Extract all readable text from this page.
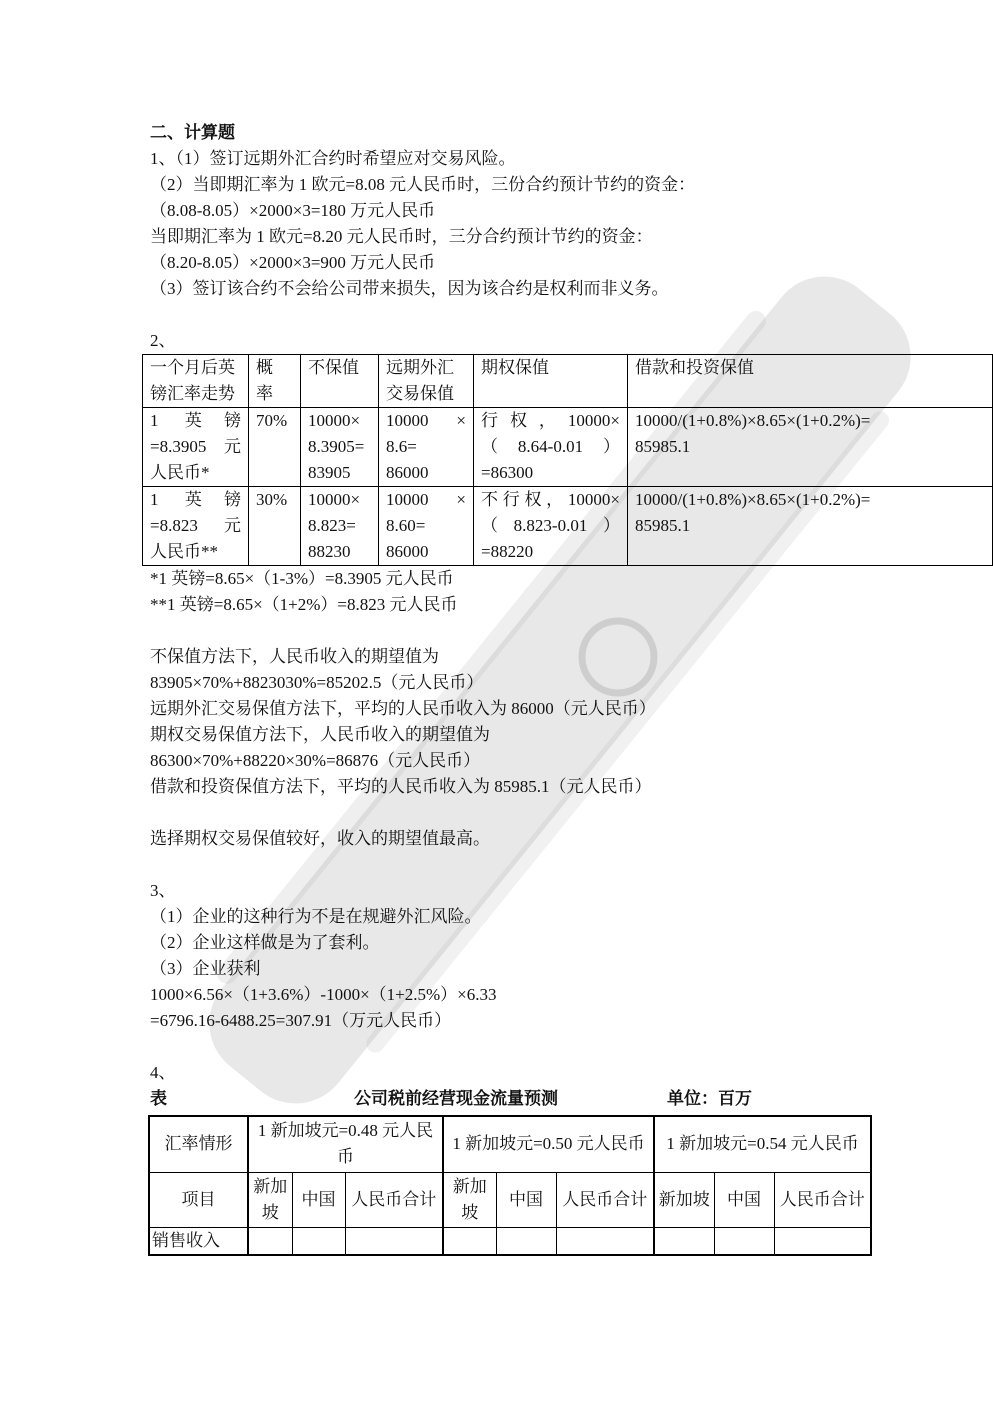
二、计算题
1、（1）签订远期外汇合约时希望应对交易风险。
（2）当即期汇率为 1 欧元=8.08 元人民币时，三份合约预计节约的资金：
（8.08-8.05）×2000×3=180 万元人民币
当即期汇率为 1 欧元=8.20 元人民币时，三分合约预计节约的资金：
（8.20-8.05）×2000×3=900 万元人民币
（3）签订该合约不会给公司带来损失，因为该合约是权利而非义务。
2、
一个月后英
镑汇率走势	概
率	不保值	远期外汇
交易保值	期权保值	借款和投资保值

1 英镑
=8.3905 元
人民币*	70%	10000×
8.3905=
83905	10000 ×
8.6=
86000	行权，10000×
（8.64-0.01）
=86300	10000/(1+0.8%)×8.65×(1+0.2%)=
85985.1

1 英镑
=8.823 元
人民币**	30%	10000×
8.823=
88230	10000 ×
8.60=
86000	不行权，10000×
（8.823-0.01）
=88220	10000/(1+0.8%)×8.65×(1+0.2%)=
85985.1
*1 英镑=8.65×（1-3%）=8.3905 元人民币
**1 英镑=8.65×（1+2%）=8.823 元人民币
不保值方法下，人民币收入的期望值为
83905×70%+8823030%=85202.5（元人民币）
远期外汇交易保值方法下，平均的人民币收入为 86000（元人民币）
期权交易保值方法下，人民币收入的期望值为
86300×70%+88220×30%=86876（元人民币）
借款和投资保值方法下，平均的人民币收入为 85985.1（元人民币）
选择期权交易保值较好，收入的期望值最高。
3、
（1）企业的这种行为不是在规避外汇风险。
（2）企业这样做是为了套利。
（3）企业获利
1000×6.56×（1+3.6%）-1000×（1+2.5%）×6.33
=6796.16-6488.25=307.91（万元人民币）
4、
表	公司税前经营现金流量预测	单位：百万
汇率情形	1 新加坡元=0.48 元人民币			1 新加坡元=0.50 元人民币			1 新加坡元=0.54 元人民币		
项目	新加坡	中国	人民币合计	新加坡	中国	人民币合计	新加坡	中国	人民币合计
销售收入									
